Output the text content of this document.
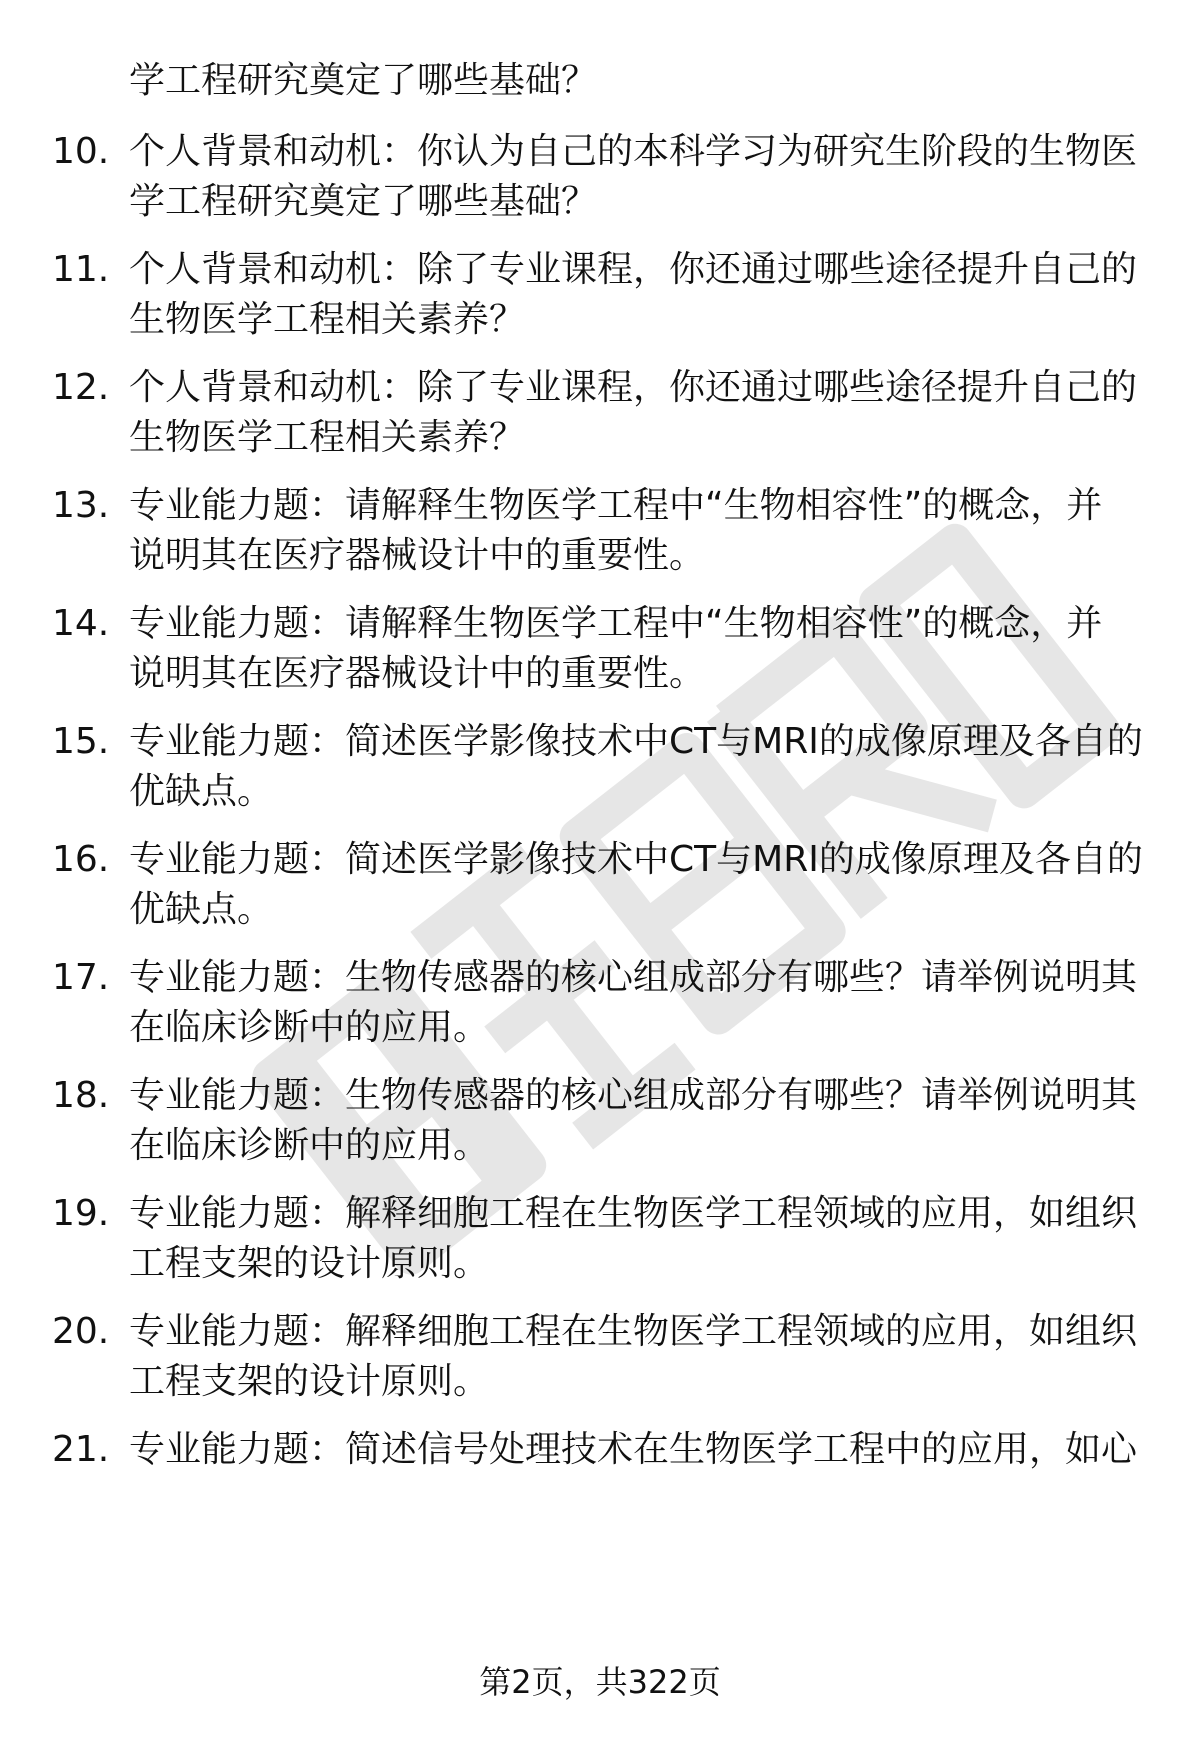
学工程研究奠定了哪些基础？
10. 个人背景和动机：你认为自己的本科学习为研究生阶段的生物医
学工程研究奠定了哪些基础？
11. 个人背景和动机：除了专业课程，你还通过哪些途径提升自己的
生物医学工程相关素养？
12. 个人背景和动机：除了专业课程，你还通过哪些途径提升自己的
生物医学工程相关素养？
13. 专业能力题：请解释生物医学工程中“生物相容性”的概念，并
说明其在医疗器械设计中的重要性。
14. 专业能力题：请解释生物医学工程中“生物相容性”的概念，并
说明其在医疗器械设计中的重要性。
15. 专业能力题：简述医学影像技术中CT与MRI的成像原理及各自的
优缺点。
16. 专业能力题：简述医学影像技术中CT与MRI的成像原理及各自的
优缺点。
17. 专业能力题：生物传感器的核心组成部分有哪些？请举例说明其
在临床诊断中的应用。
18. 专业能力题：生物传感器的核心组成部分有哪些？请举例说明其
在临床诊断中的应用。
19. 专业能力题：解释细胞工程在生物医学工程领域的应用，如组织
工程支架的设计原则。
20. 专业能力题：解释细胞工程在生物医学工程领域的应用，如组织
工程支架的设计原则。
21. 专业能力题：简述信号处理技术在生物医学工程中的应用，如心
第2页，共322页
